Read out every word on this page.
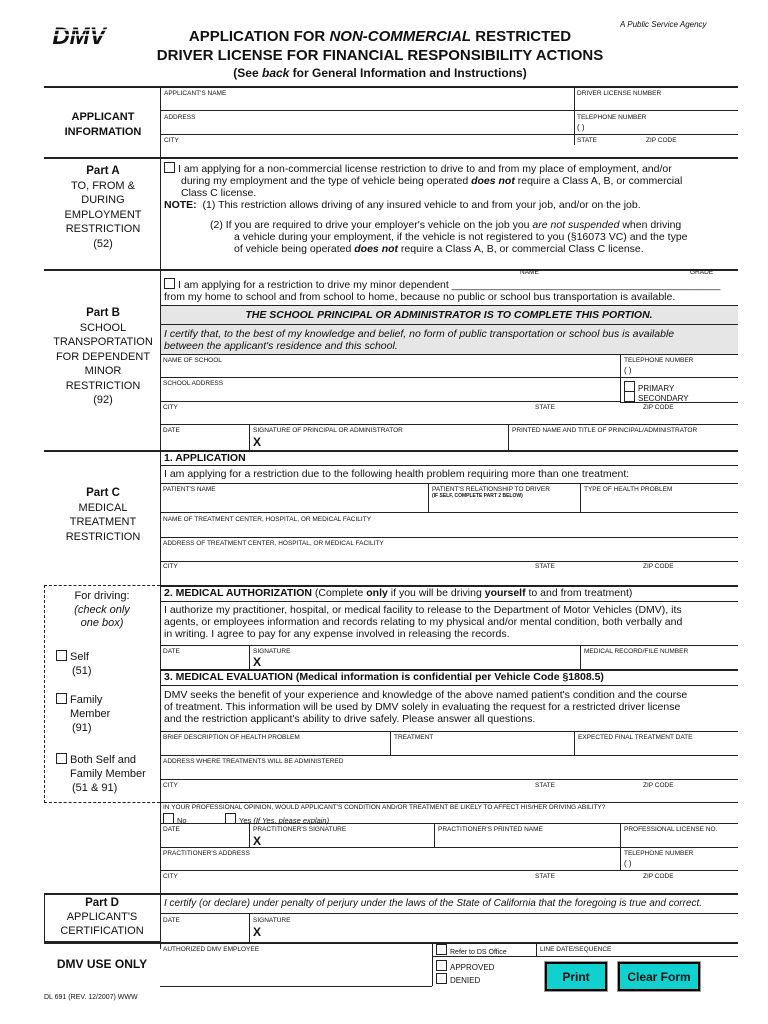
DMV	A Public Service Agency
APPLICATION FOR NON-COMMERCIAL RESTRICTED
DRIVER LICENSE FOR FINANCIAL RESPONSIBILITY ACTIONS
(See back for General Information and Instructions)
APPLICANT
INFORMATION
APPLICANT'S NAME	DRIVER LICENSE NUMBER
ADDRESS	TELEPHONE NUMBER
( )
CITY	STATE	ZIP CODE
Part A
TO, FROM &
DURING
EMPLOYMENT
RESTRICTION
(52)
I am applying for a non-commercial license restriction to drive to and from my place of employment, and/or
during my employment and the type of vehicle being operated does not require a Class A, B, or commercial
Class C license.
NOTE: (1) This restriction allows driving of any insured vehicle to and from your job, and/or on the job.
(2) If you are required to drive your employer's vehicle on the job you are not suspended when driving
a vehicle during your employment, if the vehicle is not registered to you (§16073 VC) and the type
of vehicle being operated does not require a Class A, B, or commercial Class C license.
Part B
SCHOOL
TRANSPORTATION
FOR DEPENDENT
MINOR
RESTRICTION
(92)
NAME	GRADE
I am applying for a restriction to drive my minor dependent ______________________________________________
from my home to school and from school to home, because no public or school bus transportation is available.
THE SCHOOL PRINCIPAL OR ADMINISTRATOR IS TO COMPLETE THIS PORTION.
I certify that, to the best of my knowledge and belief, no form of public transportation or school bus is available
between the applicant's residence and this school.
NAME OF SCHOOL	TELEPHONE NUMBER
( )
SCHOOL ADDRESS
PRIMARY
SECONDARY
CITY	STATE	ZIP CODE
DATE	SIGNATURE OF PRINCIPAL OR ADMINISTRATOR
X
PRINTED NAME AND TITLE OF PRINCIPAL/ADMINISTRATOR
Part C
MEDICAL
TREATMENT
RESTRICTION
1. APPLICATION
I am applying for a restriction due to the following health problem requiring more than one treatment:
PATIENT'S NAME	PATIENT'S RELATIONSHIP TO DRIVER
(IF SELF, COMPLETE PART 2 BELOW)
TYPE OF HEALTH PROBLEM
NAME OF TREATMENT CENTER, HOSPITAL, OR MEDICAL FACILITY
ADDRESS OF TREATMENT CENTER, HOSPITAL, OR MEDICAL FACILITY
CITY	STATE	ZIP CODE
For driving:
(check only
one box)
Self
(51)
Family
Member
(91)
Both Self and
Family Member
(51 & 91)
2. MEDICAL AUTHORIZATION (Complete only if you will be driving yourself to and from treatment)
I authorize my practitioner, hospital, or medical facility to release to the Department of Motor Vehicles (DMV), its
agents, or employees information and records relating to my physical and/or mental condition, both verbally and
in writing. I agree to pay for any expense involved in releasing the records.
DATE	SIGNATURE
X
MEDICAL RECORD/FILE NUMBER
3. MEDICAL EVALUATION (Medical information is confidential per Vehicle Code §1808.5)
DMV seeks the benefit of your experience and knowledge of the above named patient's condition and the course
of treatment. This information will be used by DMV solely in evaluating the request for a restricted driver license
and the restriction applicant's ability to drive safely. Please answer all questions.
BRIEF DESCRIPTION OF HEALTH PROBLEM	TREATMENT	EXPECTED FINAL TREATMENT DATE
ADDRESS WHERE TREATMENTS WILL BE ADMINISTERED
CITY	STATE	ZIP CODE
IN YOUR PROFESSIONAL OPINION, WOULD APPLICANT'S CONDITION AND/OR TREATMENT BE LIKELY TO AFFECT HIS/HER DRIVING ABILITY?
No	Yes (If Yes, please explain)
DATE	PRACTITIONER'S SIGNATURE
X
PRACTITIONER'S PRINTED NAME	PROFESSIONAL LICENSE NO.
PRACTITIONER'S ADDRESS	TELEPHONE NUMBER
( )
CITY	STATE	ZIP CODE
Part D
APPLICANT'S
CERTIFICATION
I certify (or declare) under penalty of perjury under the laws of the State of California that the foregoing is true and correct.
DATE	SIGNATURE
X
DMV USE ONLY
AUTHORIZED DMV EMPLOYEE	Refer to DS Office	LINE DATE/SEQUENCE
APPROVED
DENIED	Print	Clear Form
DL 691 (REV. 12/2007) WWW
